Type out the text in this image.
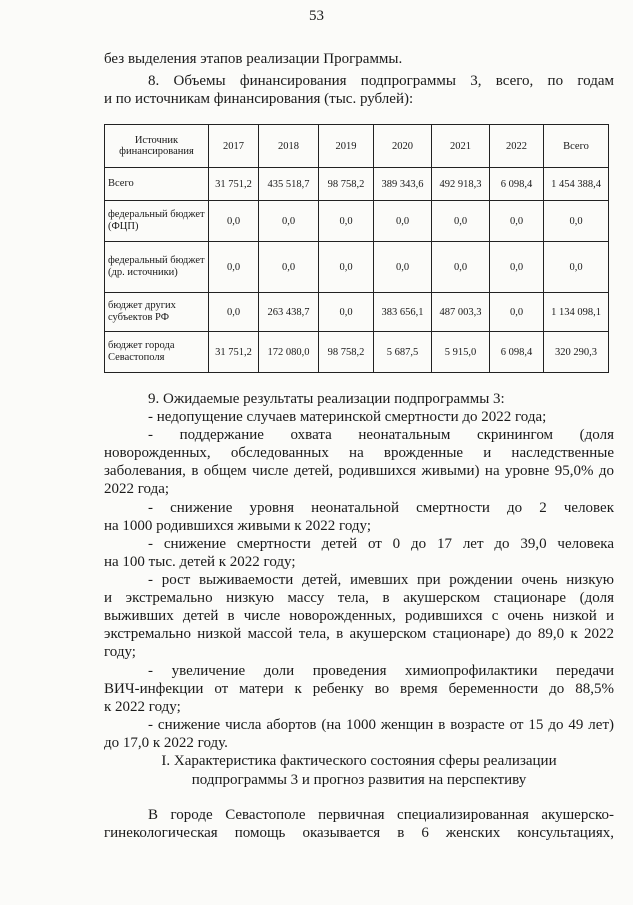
53

без выделения этапов реализации Программы.

8. Объемы финансирования подпрограммы 3, всего, по годам

и по источникам финансирования (тыс. рублей):

Источник финансирования	2017	2018	2019	2020	2021	2022	Всего
Всего	31 751,2	435 518,7	98 758,2	389 343,6	492 918,3	6 098,4	1 454 388,4
федеральный бюджет (ФЦП)	0,0	0,0	0,0	0,0	0,0	0,0	0,0
федеральный бюджет (др. источники)	0,0	0,0	0,0	0,0	0,0	0,0	0,0
бюджет других субъектов РФ	0,0	263 438,7	0,0	383 656,1	487 003,3	0,0	1 134 098,1
бюджет города Севастополя	31 751,2	172 080,0	98 758,2	5 687,5	5 915,0	6 098,4	320 290,3

9. Ожидаемые результаты реализации подпрограммы 3:

- недопущение случаев материнской смертности до 2022 года;

- поддержание охвата неонатальным скринингом (доля

новорожденных, обследованных на врожденные и наследственные

заболевания, в общем числе детей, родившихся живыми) на уровне 95,0% до

2022 года;

- снижение уровня неонатальной смертности до 2 человек

на 1000 родившихся живыми к 2022 году;

- снижение смертности детей от 0 до 17 лет до 39,0 человека

на 100 тыс. детей к 2022 году;

- рост выживаемости детей, имевших при рождении очень низкую

и экстремально низкую массу тела, в акушерском стационаре (доля

выживших детей в числе новорожденных, родившихся с очень низкой и

экстремально низкой массой тела, в акушерском стационаре) до 89,0 к 2022

году;

- увеличение доли проведения химиопрофилактики передачи

ВИЧ-инфекции от матери к ребенку во время беременности до 88,5%

к 2022 году;

- снижение числа абортов (на 1000 женщин в возрасте от 15 до 49 лет)

до 17,0 к 2022 году.

I. Характеристика фактического состояния сферы реализации

подпрограммы 3 и прогноз развития на перспективу

В городе Севастополе первичная специализированная акушерско-

гинекологическая помощь оказывается в 6 женских консультациях,
